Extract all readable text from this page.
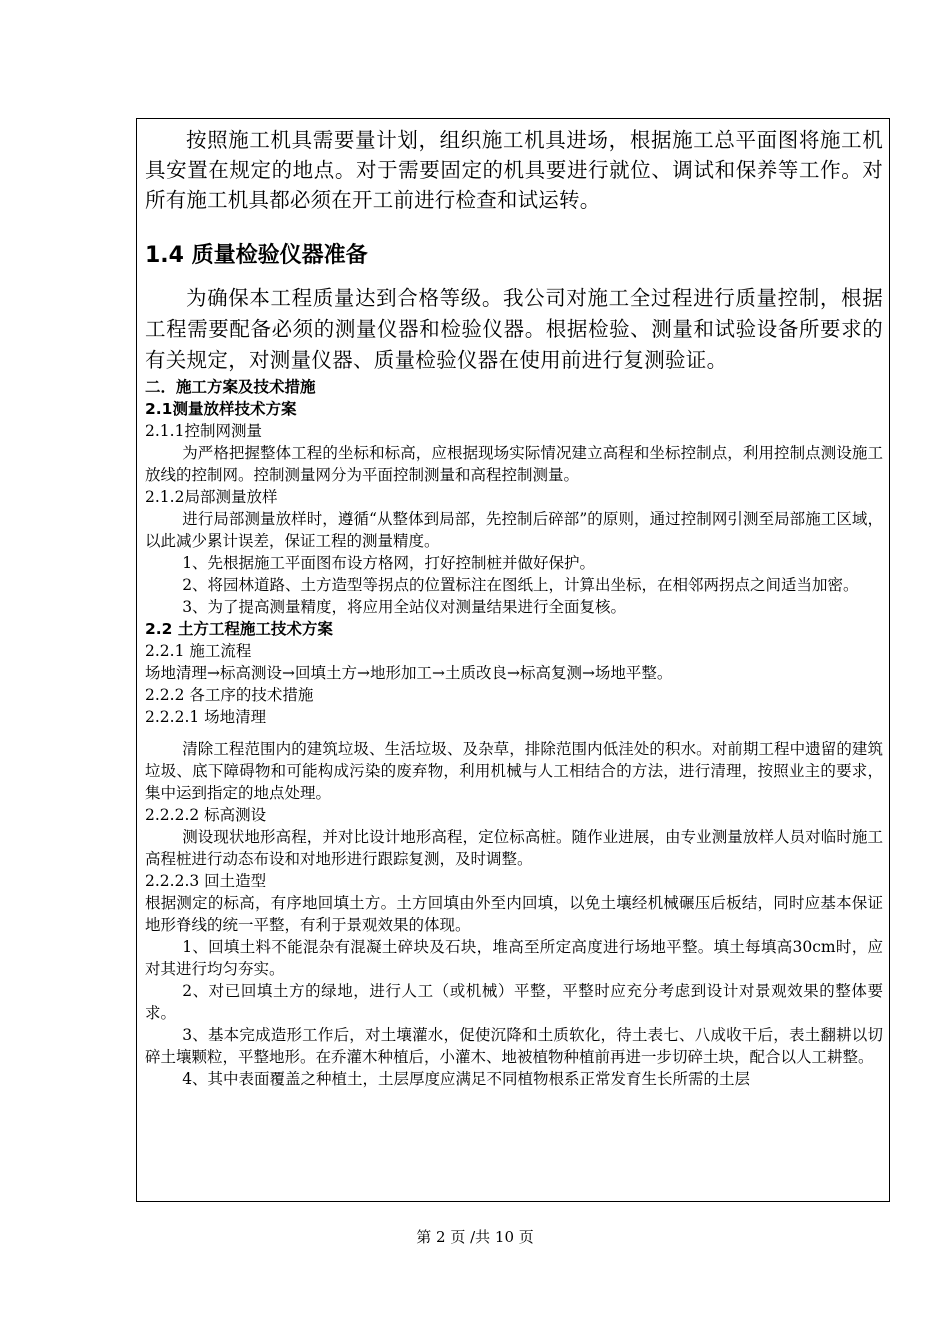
按照施工机具需要量计划，组织施工机具进场，根据施工总平面图将施工机具安置在规定的地点。对于需要固定的机具要进行就位、调试和保养等工作。对所有施工机具都必须在开工前进行检查和试运转。

1.4 质量检验仪器准备

为确保本工程质量达到合格等级。我公司对施工全过程进行质量控制，根据工程需要配备必须的测量仪器和检验仪器。根据检验、测量和试验设备所要求的有关规定，对测量仪器、质量检验仪器在使用前进行复测验证。

二．施工方案及技术措施

2.1测量放样技术方案

2.1.1控制网测量

为严格把握整体工程的坐标和标高，应根据现场实际情况建立高程和坐标控制点，利用控制点测设施工放线的控制网。控制测量网分为平面控制测量和高程控制测量。

2.1.2局部测量放样

进行局部测量放样时，遵循“从整体到局部，先控制后碎部”的原则，通过控制网引测至局部施工区域，以此减少累计误差，保证工程的测量精度。

1、先根据施工平面图布设方格网，打好控制桩并做好保护。

2、将园林道路、土方造型等拐点的位置标注在图纸上，计算出坐标，在相邻两拐点之间适当加密。

3、为了提高测量精度，将应用全站仪对测量结果进行全面复核。

2.2 土方工程施工技术方案

2.2.1 施工流程

场地清理→标高测设→回填土方→地形加工→土质改良→标高复测→场地平整。

2.2.2 各工序的技术措施

2.2.2.1 场地清理

清除工程范围内的建筑垃圾、生活垃圾、及杂草，排除范围内低洼处的积水。对前期工程中遗留的建筑垃圾、底下障碍物和可能构成污染的废弃物，利用机械与人工相结合的方法，进行清理，按照业主的要求，集中运到指定的地点处理。

2.2.2.2 标高测设

测设现状地形高程，并对比设计地形高程，定位标高桩。随作业进展，由专业测量放样人员对临时施工高程桩进行动态布设和对地形进行跟踪复测，及时调整。

2.2.2.3 回土造型

根据测定的标高，有序地回填土方。土方回填由外至内回填，以免土壤经机械碾压后板结，同时应基本保证地形脊线的统一平整，有利于景观效果的体现。

1、回填土料不能混杂有混凝土碎块及石块，堆高至所定高度进行场地平整。填土每填高30cm时，应对其进行均匀夯实。

2、对已回填土方的绿地，进行人工（或机械）平整，平整时应充分考虑到设计对景观效果的整体要求。

3、基本完成造形工作后，对土壤灌水，促使沉降和土质软化，待土表七、八成收干后，表土翻耕以切碎土壤颗粒，平整地形。在乔灌木种植后，小灌木、地被植物种植前再进一步切碎土块，配合以人工耕整。

4、其中表面覆盖之种植土，土层厚度应满足不同植物根系正常发育生长所需的土层

第 2 页 /共 10 页
